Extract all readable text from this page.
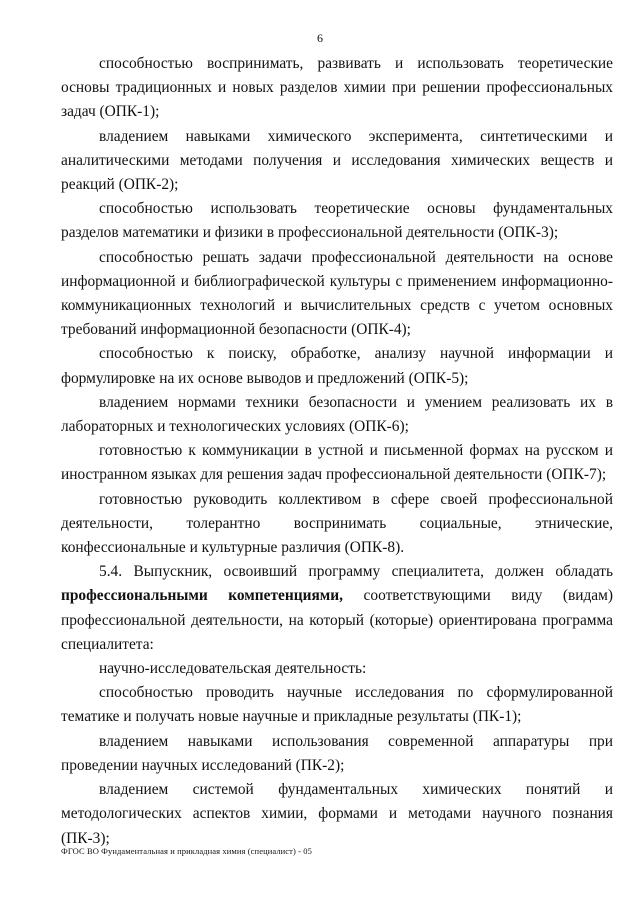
6

способностью воспринимать, развивать и использовать теоретические основы традиционных и новых разделов химии при решении профессиональных задач (ОПК-1);

владением навыками химического эксперимента, синтетическими и аналитическими методами получения и исследования химических веществ и реакций (ОПК-2);

способностью использовать теоретические основы фундаментальных разделов математики и физики в профессиональной деятельности (ОПК-3);

способностью решать задачи профессиональной деятельности на основе информационной и библиографической культуры с применением информационно-коммуникационных технологий и вычислительных средств с учетом основных требований информационной безопасности (ОПК-4);

способностью к поиску, обработке, анализу научной информации и формулировке на их основе выводов и предложений (ОПК-5);

владением нормами техники безопасности и умением реализовать их в лабораторных и технологических условиях (ОПК-6);

готовностью к коммуникации в устной и письменной формах на русском и иностранном языках для решения задач профессиональной деятельности (ОПК-7);

готовностью руководить коллективом в сфере своей профессиональной деятельности, толерантно воспринимать социальные, этнические, конфессиональные и культурные различия (ОПК-8).

5.4. Выпускник, освоивший программу специалитета, должен обладать профессиональными компетенциями, соответствующими виду (видам) профессиональной деятельности, на который (которые) ориентирована программа специалитета:

научно-исследовательская деятельность:

способностью проводить научные исследования по сформулированной тематике и получать новые научные и прикладные результаты (ПК-1);

владением навыками использования современной аппаратуры при проведении научных исследований (ПК-2);

владением системой фундаментальных химических понятий и методологических аспектов химии, формами и методами научного познания (ПК-3);

ФГОС ВО Фундаментальная и прикладная химия (специалист) - 05
